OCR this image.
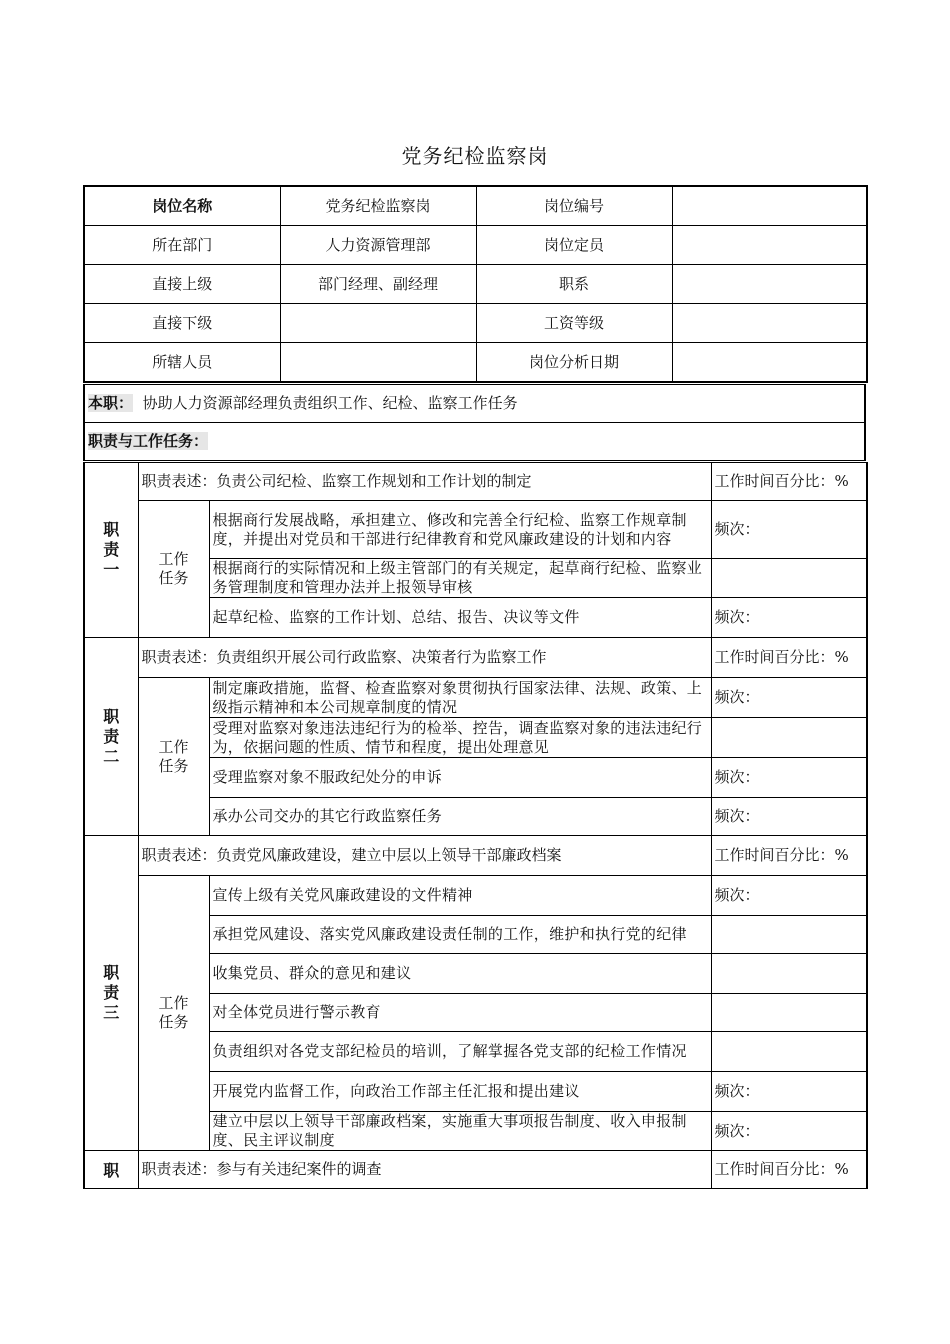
党务纪检监察岗
岗位名称	党务纪检监察岗	岗位编号	
所在部门	人力资源管理部	岗位定员	
直接上级	部门经理、副经理	职系	
直接下级		工资等级	
所辖人员		岗位分析日期	
本职： 协助人力资源部经理负责组织工作、纪检、监察工作任务
职责与工作任务：
职
责
一	职责表述：负责公司纪检、监察工作规划和工作计划的制定		工作时间百分比：%
	工作任务	根据商行发展战略，承担建立、修改和完善全行纪检、监察工作规章制度，并提出对党员和干部进行纪律教育和党风廉政建设的计划和内容	频次：
		根据商行的实际情况和上级主管部门的有关规定，起草商行纪检、监察业务管理制度和管理办法并上报领导审核	
		起草纪检、监察的工作计划、总结、报告、决议等文件	频次：

职
责
二	职责表述：负责组织开展公司行政监察、决策者行为监察工作		工作时间百分比：%
	工作任务	制定廉政措施，监督、检查监察对象贯彻执行国家法律、法规、政策、上级指示精神和本公司规章制度的情况	频次：
		受理对监察对象违法违纪行为的检举、控告，调查监察对象的违法违纪行为，依据问题的性质、情节和程度，提出处理意见	
		受理监察对象不服政纪处分的申诉	频次：
		承办公司交办的其它行政监察任务	频次：

职
责
三	职责表述：负责党风廉政建设，建立中层以上领导干部廉政档案		工作时间百分比：%
	工作任务	宣传上级有关党风廉政建设的文件精神	频次：
		承担党风建设、落实党风廉政建设责任制的工作，维护和执行党的纪律	
		收集党员、群众的意见和建议	
		对全体党员进行警示教育	
		负责组织对各党支部纪检员的培训，了解掌握各党支部的纪检工作情况	
		开展党内监督工作，向政治工作部主任汇报和提出建议	频次：
		建立中层以上领导干部廉政档案，实施重大事项报告制度、收入申报制度、民主评议制度	频次：

职	职责表述：参与有关违纪案件的调查		工作时间百分比：%
